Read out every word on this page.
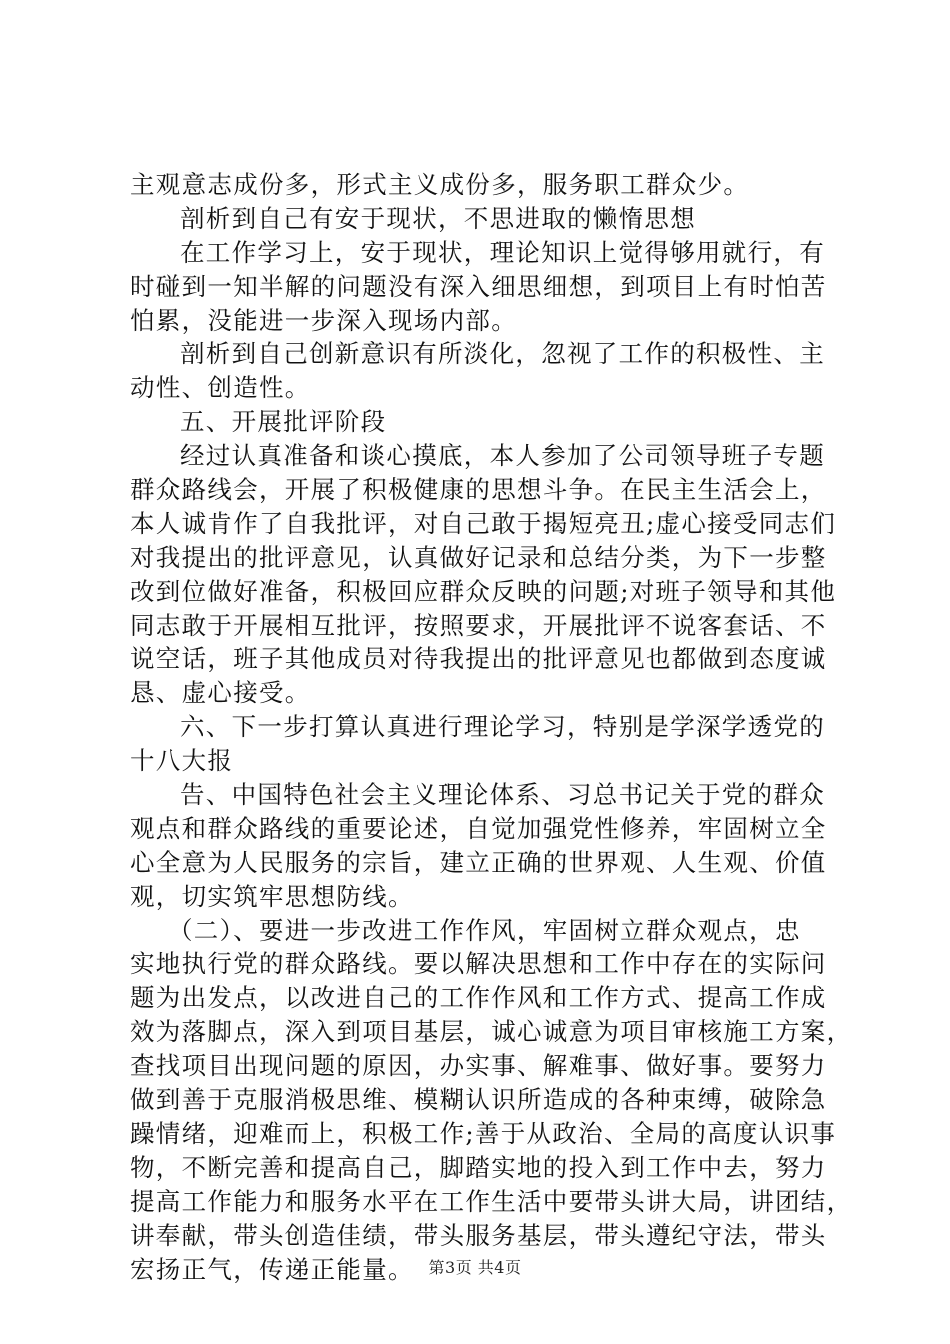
主观意志成份多，形式主义成份多，服务职工群众少。
剖析到自己有安于现状，不思进取的懒惰思想
在工作学习上，安于现状，理论知识上觉得够用就行，有
时碰到一知半解的问题没有深入细思细想，到项目上有时怕苦
怕累，没能进一步深入现场内部。
剖析到自己创新意识有所淡化，忽视了工作的积极性、主
动性、创造性。
五、开展批评阶段
经过认真准备和谈心摸底，本人参加了公司领导班子专题
群众路线会，开展了积极健康的思想斗争。在民主生活会上，
本人诚肯作了自我批评，对自己敢于揭短亮丑;虚心接受同志们
对我提出的批评意见，认真做好记录和总结分类，为下一步整
改到位做好准备，积极回应群众反映的问题;对班子领导和其他
同志敢于开展相互批评，按照要求，开展批评不说客套话、不
说空话，班子其他成员对待我提出的批评意见也都做到态度诚
恳、虚心接受。
六、下一步打算认真进行理论学习，特别是学深学透党的
十八大报
告、中国特色社会主义理论体系、习总书记关于党的群众
观点和群众路线的重要论述，自觉加强党性修养，牢固树立全
心全意为人民服务的宗旨，建立正确的世界观、人生观、价值
观，切实筑牢思想防线。
（二）、要进一步改进工作作风，牢固树立群众观点，忠
实地执行党的群众路线。要以解决思想和工作中存在的实际问
题为出发点，以改进自己的工作作风和工作方式、提高工作成
效为落脚点，深入到项目基层，诚心诚意为项目审核施工方案，
查找项目出现问题的原因，办实事、解难事、做好事。要努力
做到善于克服消极思维、模糊认识所造成的各种束缚，破除急
躁情绪，迎难而上，积极工作;善于从政治、全局的高度认识事
物，不断完善和提高自己，脚踏实地的投入到工作中去，努力
提高工作能力和服务水平在工作生活中要带头讲大局，讲团结，
讲奉献，带头创造佳绩，带头服务基层，带头遵纪守法，带头
宏扬正气，传递正能量。 第3页 共4页
